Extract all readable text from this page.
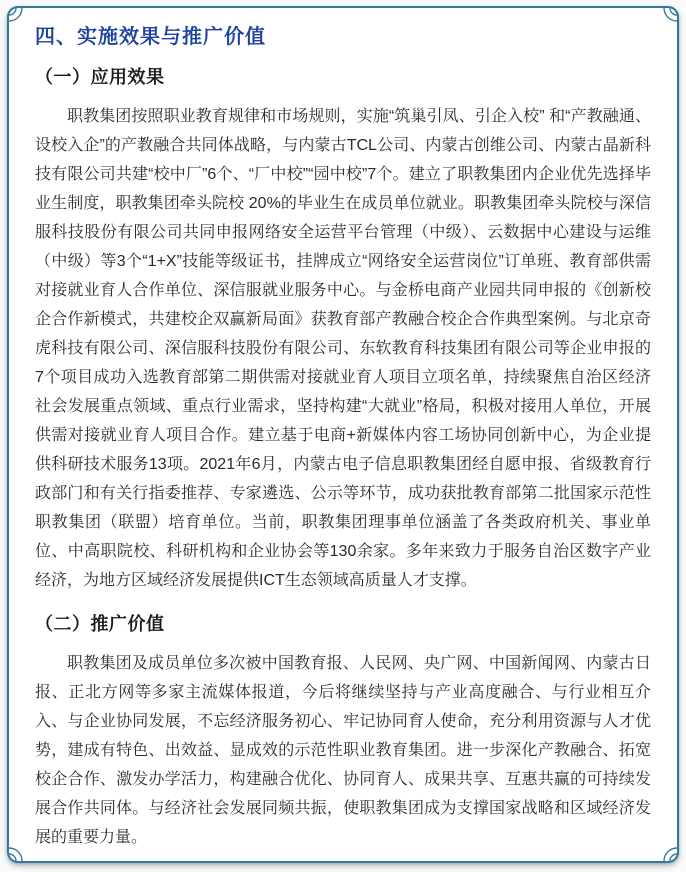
四、实施效果与推广价值
（一）应用效果

职教集团按照职业教育规律和市场规则，实施“筑巢引凤、引企入校” 和“产教融通、设校入企”的产教融合共同体战略，与内蒙古TCL公司、内蒙古创维公司、内蒙古晶新科技有限公司共建“校中厂”6个、“厂中校”“园中校”7个。建立了职教集团内企业优先选择毕业生制度，职教集团牵头院校 20%的毕业生在成员单位就业。职教集团牵头院校与深信服科技股份有限公司共同申报网络安全运营平台管理（中级）、云数据中心建设与运维（中级）等3个“1+X”技能等级证书，挂牌成立“网络安全运营岗位”订单班、教育部供需对接就业育人合作单位、深信服就业服务中心。与金桥电商产业园共同申报的《创新校企合作新模式，共建校企双赢新局面》获教育部产教融合校企合作典型案例。与北京奇虎科技有限公司、深信服科技股份有限公司、东软教育科技集团有限公司等企业申报的7个项目成功入选教育部第二期供需对接就业育人项目立项名单，持续聚焦自治区经济社会发展重点领域、重点行业需求，坚持构建“大就业”格局，积极对接用人单位，开展供需对接就业育人项目合作。建立基于电商+新媒体内容工场协同创新中心，为企业提供科研技术服务13项。2021年6月，内蒙古电子信息职教集团经自愿申报、省级教育行政部门和有关行指委推荐、专家遴选、公示等环节，成功获批教育部第二批国家示范性职教集团（联盟）培育单位。当前，职教集团理事单位涵盖了各类政府机关、事业单位、中高职院校、科研机构和企业协会等130余家。多年来致力于服务自治区数字产业经济，为地方区域经济发展提供ICT生态领域高质量人才支撑。

（二）推广价值

职教集团及成员单位多次被中国教育报、人民网、央广网、中国新闻网、内蒙古日报、正北方网等多家主流媒体报道，今后将继续坚持与产业高度融合、与行业相互介入、与企业协同发展，不忘经济服务初心、牢记协同育人使命，充分利用资源与人才优势，建成有特色、出效益、显成效的示范性职业教育集团。进一步深化产教融合、拓宽校企合作、激发办学活力，构建融合优化、协同育人、成果共享、互惠共赢的可持续发展合作共同体。与经济社会发展同频共振，使职教集团成为支撑国家战略和区域经济发展的重要力量。
